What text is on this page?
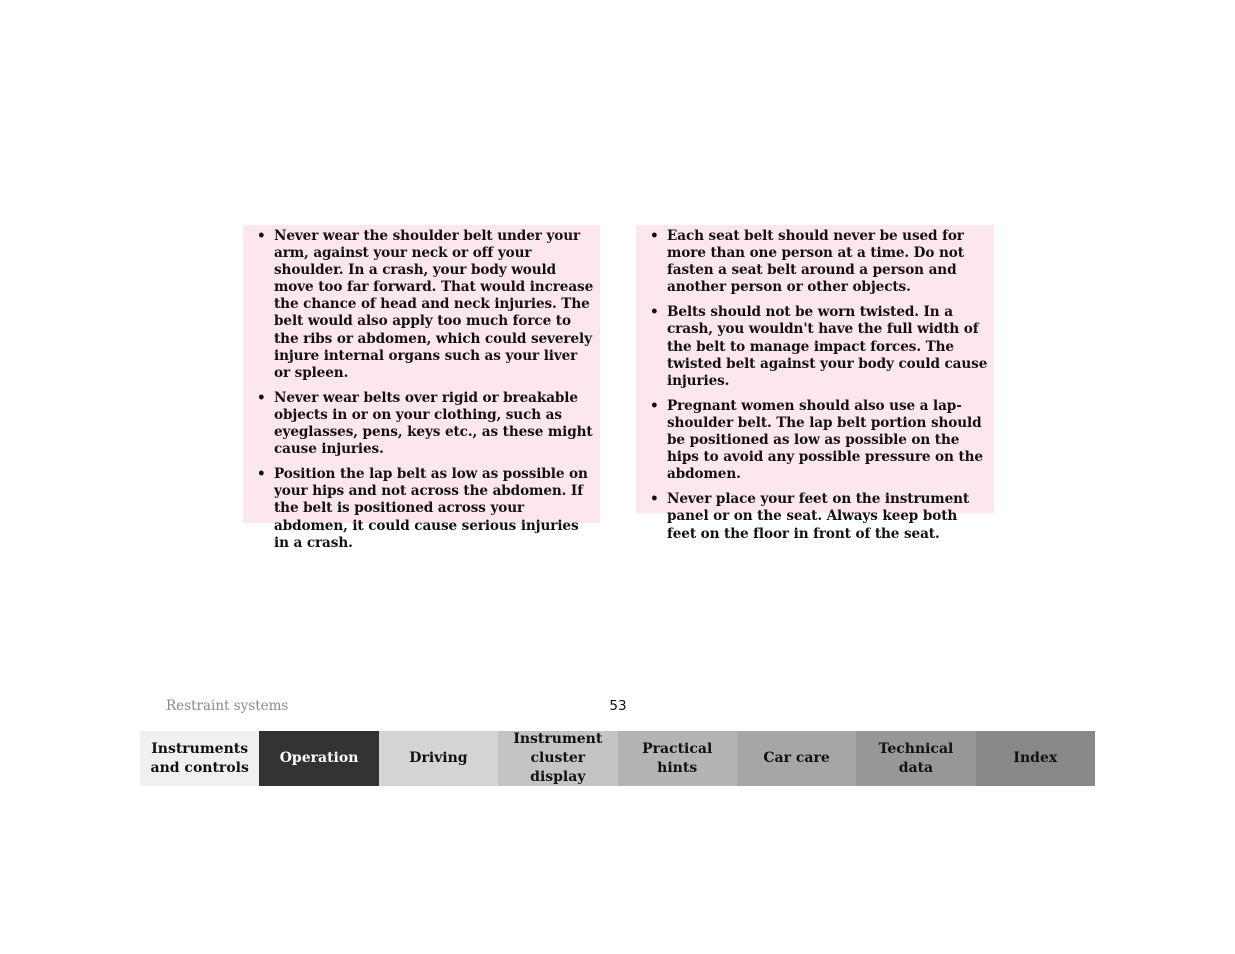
• Never wear the shoulder belt under your arm, against your neck or off your shoulder. In a crash, your body would move too far forward. That would increase the chance of head and neck injuries. The belt would also apply too much force to the ribs or abdomen, which could severely injure internal organs such as your liver or spleen.
• Never wear belts over rigid or breakable objects in or on your clothing, such as eyeglasses, pens, keys etc., as these might cause injuries.
• Position the lap belt as low as possible on your hips and not across the abdomen. If the belt is positioned across your abdomen, it could cause serious injuries in a crash.
• Each seat belt should never be used for more than one person at a time. Do not fasten a seat belt around a person and another person or other objects.
• Belts should not be worn twisted. In a crash, you wouldn't have the full width of the belt to manage impact forces. The twisted belt against your body could cause injuries.
• Pregnant women should also use a lap-shoulder belt. The lap belt portion should be positioned as low as possible on the hips to avoid any possible pressure on the abdomen.
• Never place your feet on the instrument panel or on the seat. Always keep both feet on the floor in front of the seat.
Restraint systems	53
Instruments
and controls
Operation	Driving
Instrument
cluster display
Practical hints
Car care
Technical
data
Index
